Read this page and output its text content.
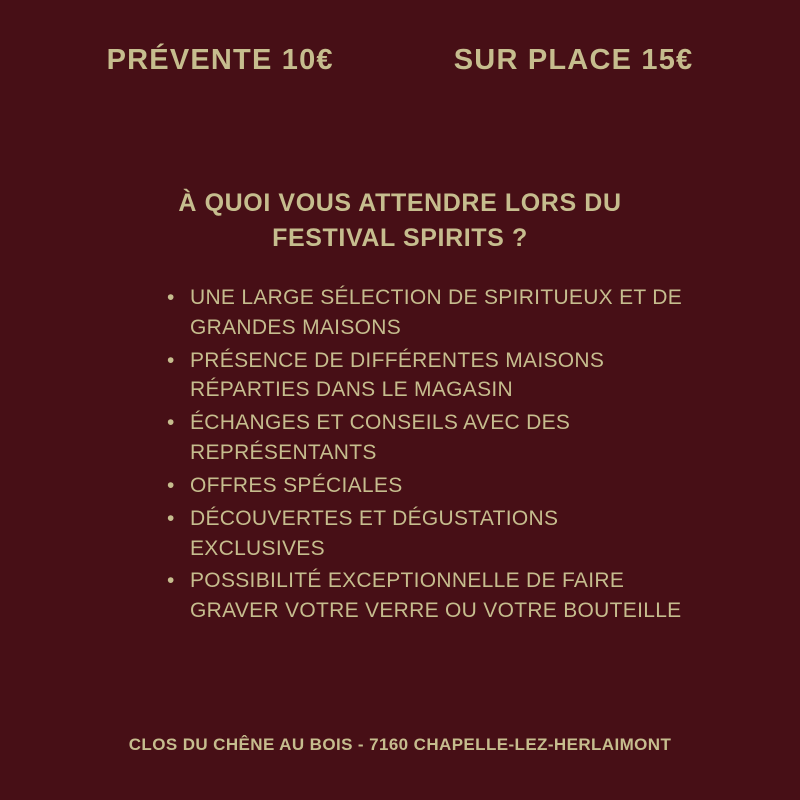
PRÉVENTE 10€	SUR PLACE 15€
À QUOI VOUS ATTENDRE LORS DU
FESTIVAL SPIRITS ?
• UNE LARGE SÉLECTION DE SPIRITUEUX ET DE GRANDES MAISONS
• PRÉSENCE DE DIFFÉRENTES MAISONS RÉPARTIES DANS LE MAGASIN
• ÉCHANGES ET CONSEILS AVEC DES REPRÉSENTANTS
• OFFRES SPÉCIALES
• DÉCOUVERTES ET DÉGUSTATIONS EXCLUSIVES
• POSSIBILITÉ EXCEPTIONNELLE DE FAIRE GRAVER VOTRE VERRE OU VOTRE BOUTEILLE
CLOS DU CHÊNE AU BOIS - 7160 CHAPELLE-LEZ-HERLAIMONT
